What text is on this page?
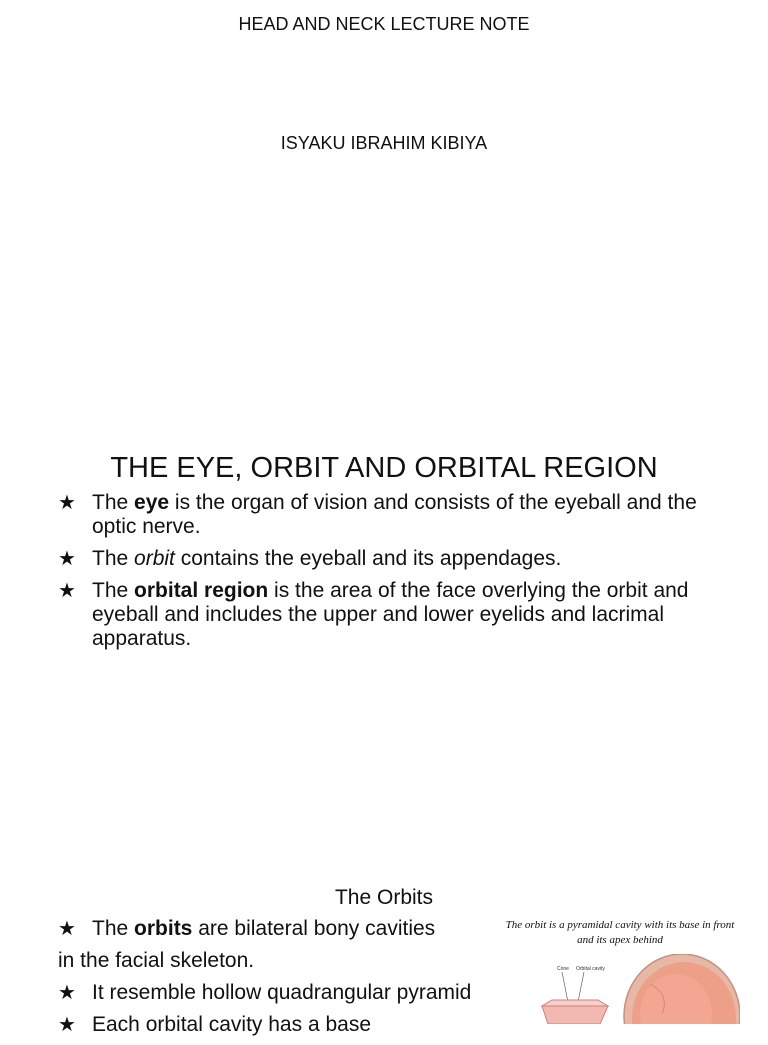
HEAD AND NECK LECTURE NOTE
ISYAKU IBRAHIM KIBIYA
THE EYE, ORBIT AND ORBITAL REGION
★ The eye is the organ of vision and consists of the eyeball and the optic nerve.
★ The orbit contains the eyeball and its appendages.
★ The orbital region is the area of the face overlying the orbit and eyeball and includes the upper and lower eyelids and lacrimal apparatus.
The Orbits
★ The orbits are bilateral bony cavities
★ It resemble hollow quadrangular pyramid
★ Each orbital cavity has a base
in the facial skeleton.
The orbit is a pyramidal cavity with its base in front and its apex behind
Cone Orbital cavity
